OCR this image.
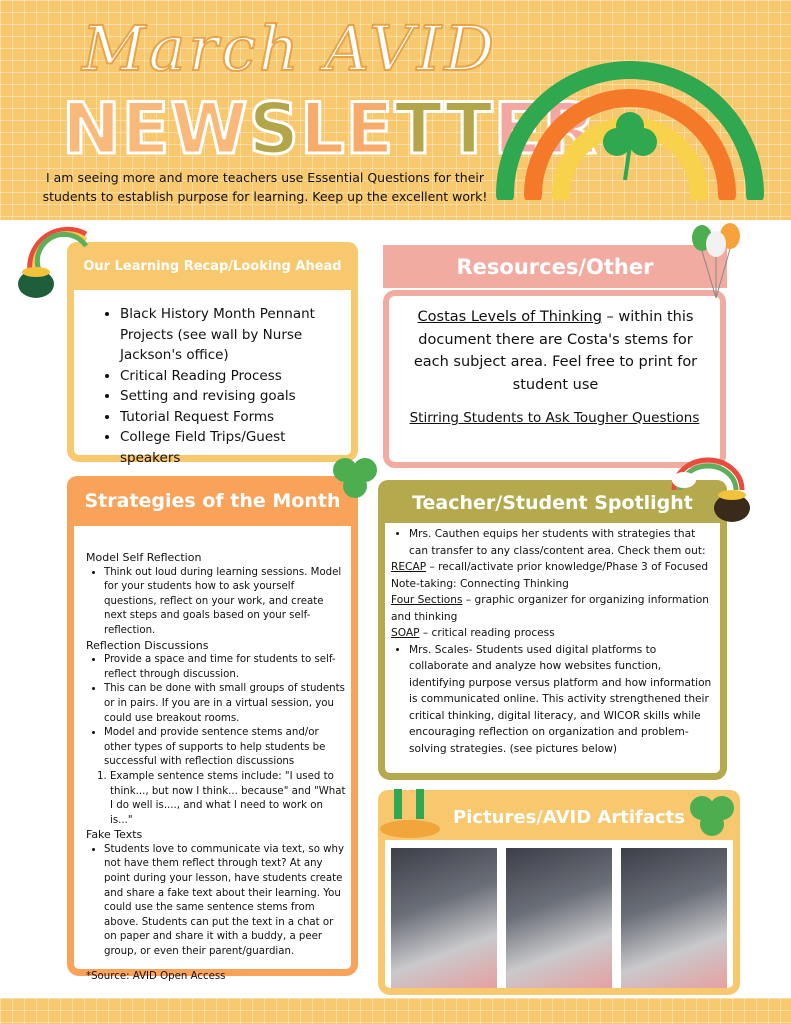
March AVID
NEWSLETTER
I am seeing more and more teachers use Essential Questions for their students to establish purpose for learning. Keep up the excellent work!
Our Learning Recap/Looking Ahead
• Black History Month Pennant Projects (see wall by Nurse Jackson's office)
• Critical Reading Process
• Setting and revising goals
• Tutorial Request Forms
• College Field Trips/Guest speakers
Resources/Other

Costas Levels of Thinking – within this document there are Costa's stems for each subject area. Feel free to print for student use

Stirring Students to Ask Tougher Questions

Strategies of the Month
Model Self Reflection
• Think out loud during learning sessions. Model for your students how to ask yourself questions, reflect on your work, and create next steps and goals based on your self-reflection.
Reflection Discussions
• Provide a space and time for students to self-reflect through discussion.
• This can be done with small groups of students or in pairs. If you are in a virtual session, you could use breakout rooms.
• Model and provide sentence stems and/or other types of supports to help students be successful with reflection discussions
1. Example sentence stems include: "I used to think..., but now I think... because" and "What I do well is...., and what I need to work on is..."
Fake Texts
• Students love to communicate via text, so why not have them reflect through text? At any point during your lesson, have students create and share a fake text about their learning. You could use the same sentence stems from above. Students can put the text in a chat or on paper and share it with a buddy, a peer group, or even their parent/guardian.
*Source: AVID Open Access
Teacher/Student Spotlight
• Mrs. Cauthen equips her students with strategies that can transfer to any class/content area. Check them out:
RECAP – recall/activate prior knowledge/Phase 3 of Focused Note-taking: Connecting Thinking
Four Sections – graphic organizer for organizing information and thinking
SOAP – critical reading process
• Mrs. Scales- Students used digital platforms to collaborate and analyze how websites function, identifying purpose versus platform and how information is communicated online. This activity strengthened their critical thinking, digital literacy, and WICOR skills while encouraging reflection on organization and problem-solving strategies. (see pictures below)
Pictures/AVID Artifacts
